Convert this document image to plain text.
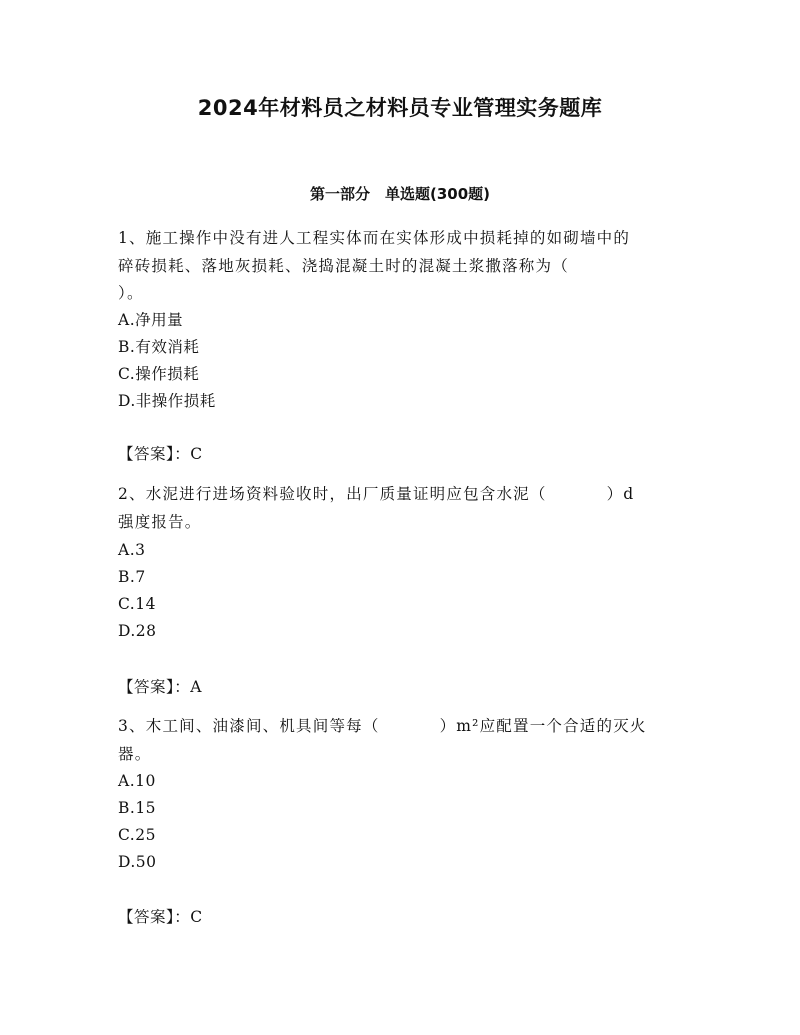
2024年材料员之材料员专业管理实务题库
第一部分　单选题(300题)
1、施工操作中没有进人工程实体而在实体形成中损耗掉的如砌墙中的
碎砖损耗、落地灰损耗、浇捣混凝土时的混凝土浆撒落称为（
）。
A.净用量
B.有效消耗
C.操作损耗
D.非操作损耗
【答案】：C
2、水泥进行进场资料验收时，出厂质量证明应包含水泥（	）d
强度报告。
A.3
B.7
C.14
D.28
【答案】：A
3、木工间、油漆间、机具间等每（	）m²应配置一个合适的灭火
器。
A.10
B.15
C.25
D.50
【答案】：C
